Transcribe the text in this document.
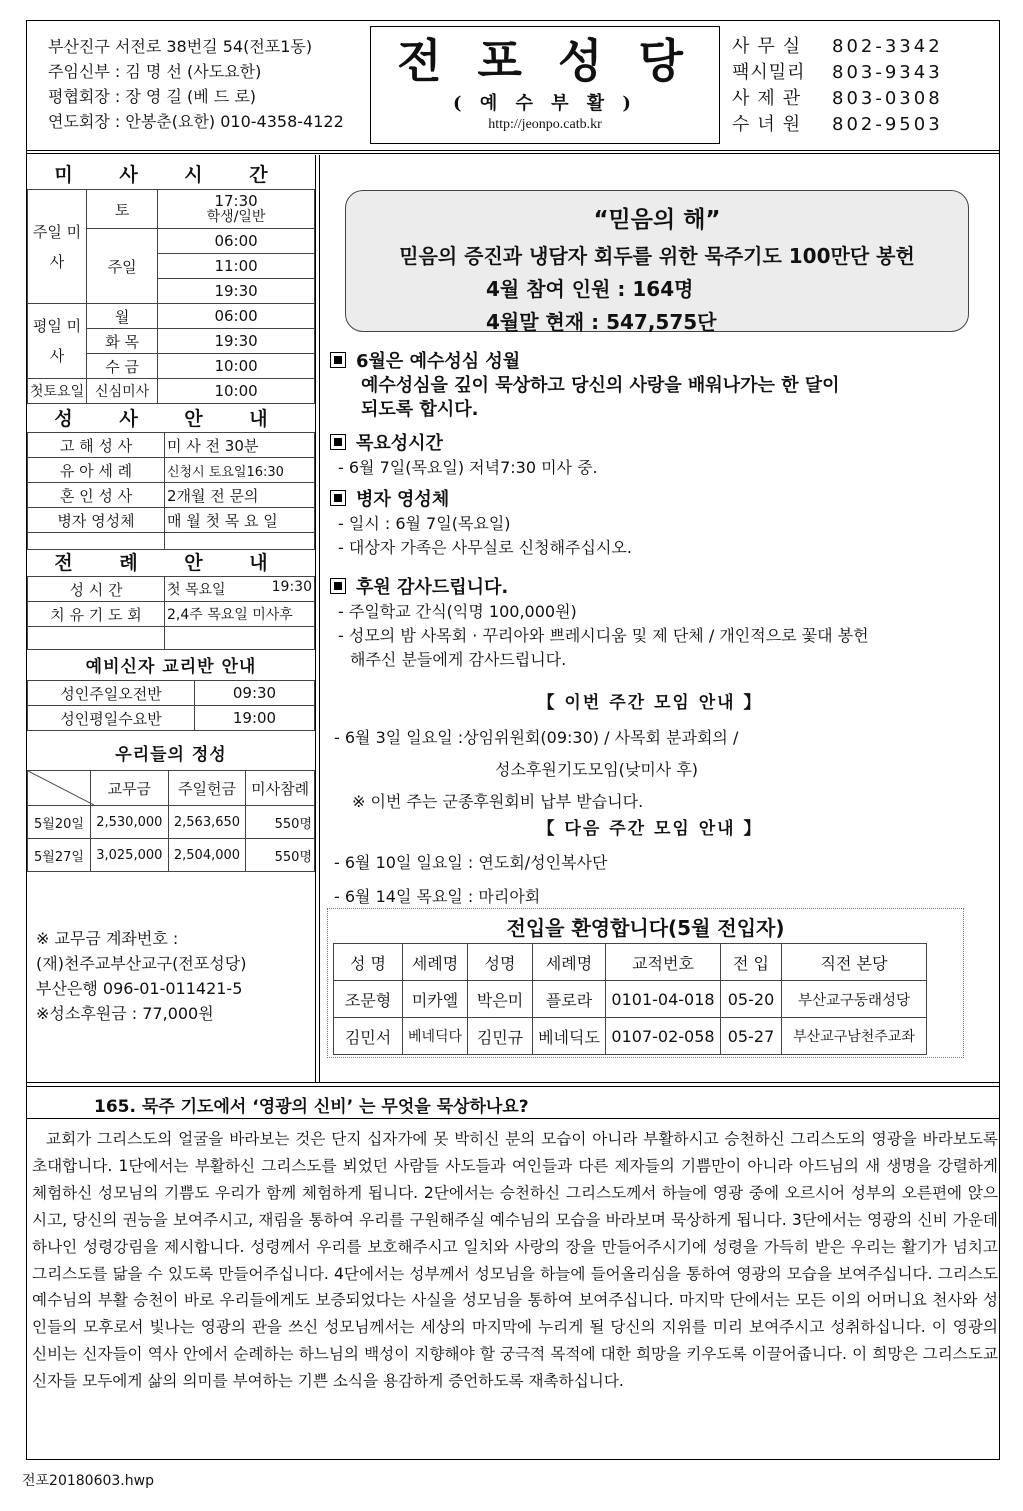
부산진구 서전로 38번길 54(전포1동)
주임신부 : 김 명 선 (사도요한)
평협회장 : 장 영 길 (베 드 로)
연도회장 : 안봉춘(요한) 010-4358-4122
전 포 성 당
( 예 수 부 활 )
http://jeonpo.catb.kr
사무실 802-3342
팩시밀리 803-9343
사제관 803-0308
수녀원 802-9503
미 사 시 간
주일 미사	토	17:30
학생/일반

	주일	06:00
		11:00
		19:30
평일 미사	월	06:00
	화 목	19:30
	수 금	10:00
첫토요일	신심미사	10:00
성 사 안 내
고 해 성 사	미 사 전 30분
유 아 세 례	신청시 토요일16:30
혼 인 성 사	2개월 전 문의
병자 영성체	매 월 첫 목 요 일

전 례 안 내
성 시 간	첫 목요일 19:30

치 유 기 도 회	2,4주 목요일 미사후

예비신자 교리반 안내
성인주일오전반	09:30
성인평일수요반	19:00
우리들의 정성
	교무금	주일헌금	미사참례
5월20일	2,530,000	2,563,650	550명
5월27일	3,025,000	2,504,000	550명
※ 교무금 계좌번호 :
(재)천주교부산교구(전포성당)
부산은행 096-01-011421-5
※성소후원금 : 77,000원
“믿음의 해”
믿음의 증진과 냉담자 회두를 위한 묵주기도 100만단 봉헌
4월 참여 인원 : 164명
4월말 현재 : 547,575단
6월은 예수성심 성월
예수성심을 깊이 묵상하고 당신의 사랑을 배워나가는 한 달이
되도록 합시다.
목요성시간
- 6월 7일(목요일) 저녁7:30 미사 중.
병자 영성체
- 일시 : 6월 7일(목요일)
- 대상자 가족은 사무실로 신청해주십시오.
후원 감사드립니다.
- 주일학교 간식(익명 100,000원)
- 성모의 밤 사목회 · 꾸리아와 쁘레시디움 및 제 단체 / 개인적으로 꽃대 봉헌
해주신 분들에게 감사드립니다.
【 이번 주간 모임 안내 】
- 6월 3일 일요일 :상임위원회(09:30) / 사목회 분과회의 /
성소후원기도모임(낮미사 후)
※ 이번 주는 군종후원회비 납부 받습니다.
【 다음 주간 모임 안내 】
- 6월 10일 일요일 : 연도회/성인복사단
- 6월 14일 목요일 : 마리아회
전입을 환영합니다(5월 전입자)
성 명	세례명	성명	세례명	교적번호	전 입	직전 본당
조문형	미카엘	박은미	플로라	0101-04-018	05-20	부산교구동래성당
김민서	베네딕다	김민규	베네딕도	0107-02-058	05-27	부산교구남천주교좌
165. 묵주 기도에서 ‘영광의 신비’ 는 무엇을 묵상하나요?

교회가 그리스도의 얼굴을 바라보는 것은 단지 십자가에 못 박히신 분의 모습이 아니라 부활하시고 승천하신 그리스도의 영광을 바라보도록 초대합니다. 1단에서는 부활하신 그리스도를 뵈었던 사람들 사도들과 여인들과 다른 제자들의 기쁨만이 아니라 아드님의 새 생명을 강렬하게 체험하신 성모님의 기쁨도 우리가 함께 체험하게 됩니다. 2단에서는 승천하신 그리스도께서 하늘에 영광 중에 오르시어 성부의 오른편에 앉으시고, 당신의 권능을 보여주시고, 재림을 통하여 우리를 구원해주실 예수님의 모습을 바라보며 묵상하게 됩니다. 3단에서는 영광의 신비 가운데 하나인 성령강림을 제시합니다. 성령께서 우리를 보호해주시고 일치와 사랑의 장을 만들어주시기에 성령을 가득히 받은 우리는 활기가 넘치고 그리스도를 닮을 수 있도록 만들어주십니다. 4단에서는 성부께서 성모님을 하늘에 들어올리심을 통하여 영광의 모습을 보여주십니다. 그리스도 예수님의 부활 승천이 바로 우리들에게도 보증되었다는 사실을 성모님을 통하여 보여주십니다. 마지막 단에서는 모든 이의 어머니요 천사와 성인들의 모후로서 빛나는 영광의 관을 쓰신 성모님께서는 세상의 마지막에 누리게 될 당신의 지위를 미리 보여주시고 성취하십니다. 이 영광의 신비는 신자들이 역사 안에서 순례하는 하느님의 백성이 지향해야 할 궁극적 목적에 대한 희망을 키우도록 이끌어줍니다. 이 희망은 그리스도교 신자들 모두에게 삶의 의미를 부여하는 기쁜 소식을 용감하게 증언하도록 재촉하십니다.

전포20180603.hwp
